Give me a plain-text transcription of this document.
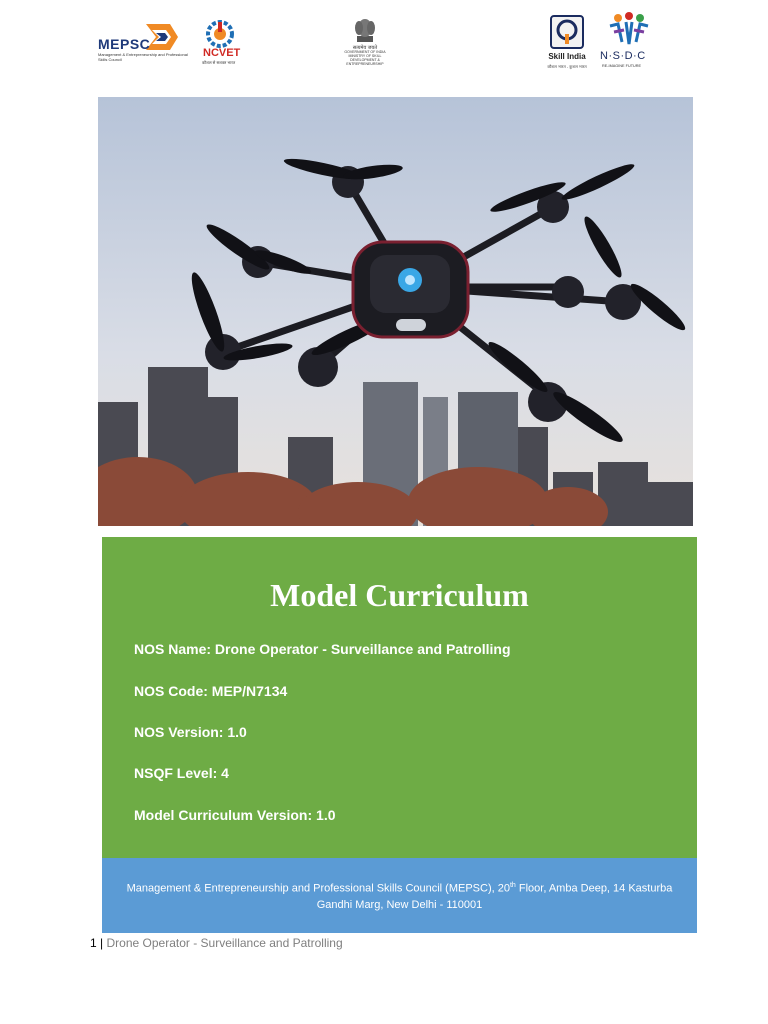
MEPSC
Management & Entrepreneurship and Professional Skills Council	NCVET
कौशल से सशक्त भारत
सत्यमेव जयते
GOVERNMENT OF INDIA MINISTRY OF SKILL DEVELOPMENT & ENTREPRENEURSHIP
Skill India
कौशल भारत - कुशल भारत
N·S·D·C
RE-IMAGINE FUTURE
Model Curriculum
NOS Name: Drone Operator - Surveillance and Patrolling
NOS Code: MEP/N7134
NOS Version: 1.0
NSQF Level: 4
Model Curriculum Version: 1.0
Management & Entrepreneurship and Professional Skills Council (MEPSC), 20th Floor, Amba Deep, 14 Kasturba
Gandhi Marg, New Delhi - 110001
1 | Drone Operator - Surveillance and Patrolling
